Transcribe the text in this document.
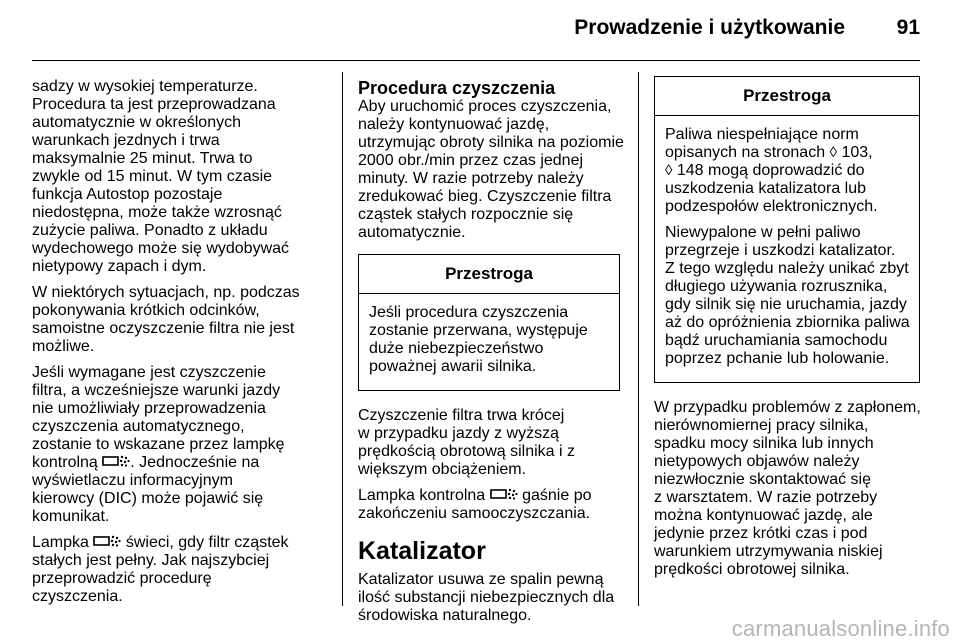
Prowadzenie i użytkowanie	91

sadzy w wysokiej temperaturze.
Procedura ta jest przeprowadzana
automatycznie w określonych
warunkach jezdnych i trwa
maksymalnie 25 minut. Trwa to
zwykle od 15 minut. W tym czasie
funkcja Autostop pozostaje
niedostępna, może także wzrosnąć
zużycie paliwa. Ponadto z układu
wydechowego może się wydobywać
nietypowy zapach i dym.

W niektórych sytuacjach, np. podczas
pokonywania krótkich odcinków,
samoistne oczyszczenie filtra nie jest
możliwe.

Jeśli wymagane jest czyszczenie
filtra, a wcześniejsze warunki jazdy
nie umożliwiały przeprowadzenia
czyszczenia automatycznego,
zostanie to wskazane przez lampkę
kontrolną . Jednocześnie na
wyświetlaczu informacyjnym
kierowcy (DIC) może pojawić się
komunikat.

Lampka świeci, gdy filtr cząstek
stałych jest pełny. Jak najszybciej
przeprowadzić procedurę
czyszczenia.

Procedura czyszczenia

Aby uruchomić proces czyszczenia,
należy kontynuować jazdę,
utrzymując obroty silnika na poziomie
2000 obr./min przez czas jednej
minuty. W razie potrzeby należy
zredukować bieg. Czyszczenie filtra
cząstek stałych rozpocznie się
automatycznie.

Przestroga

Jeśli procedura czyszczenia
zostanie przerwana, występuje
duże niebezpieczeństwo
poważnej awarii silnika.

Czyszczenie filtra trwa krócej
w przypadku jazdy z wyższą
prędkością obrotową silnika i z
większym obciążeniem.

Lampka kontrolna gaśnie po
zakończeniu samooczyszczania.

Katalizator

Katalizator usuwa ze spalin pewną
ilość substancji niebezpiecznych dla
środowiska naturalnego.

Przestroga

Paliwa niespełniające norm
opisanych na stronach ◊ 103,
◊ 148 mogą doprowadzić do
uszkodzenia katalizatora lub
podzespołów elektronicznych.

Niewypalone w pełni paliwo
przegrzeje i uszkodzi katalizator.
Z tego względu należy unikać zbyt
długiego używania rozrusznika,
gdy silnik się nie uruchamia, jazdy
aż do opróżnienia zbiornika paliwa
bądź uruchamiania samochodu
poprzez pchanie lub holowanie.

W przypadku problemów z zapłonem,
nierównomiernej pracy silnika,
spadku mocy silnika lub innych
nietypowych objawów należy
niezwłocznie skontaktować się
z warsztatem. W razie potrzeby
można kontynuować jazdę, ale
jedynie przez krótki czas i pod
warunkiem utrzymywania niskiej
prędkości obrotowej silnika.

carmanualsonline.info
